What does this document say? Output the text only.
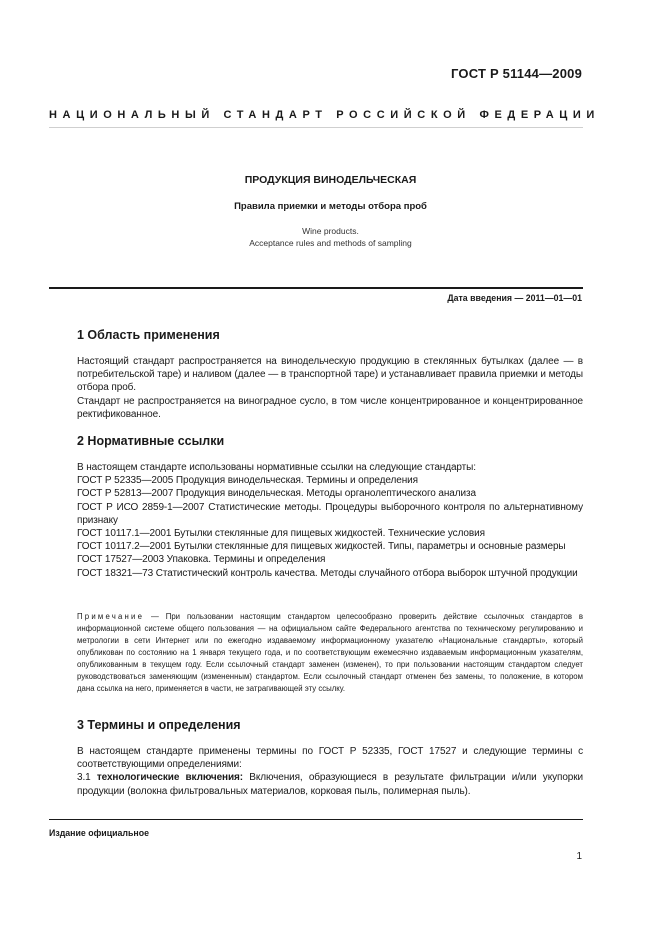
ГОСТ Р 51144—2009
НАЦИОНАЛЬНЫЙ СТАНДАРТ РОССИЙСКОЙ ФЕДЕРАЦИИ
ПРОДУКЦИЯ ВИНОДЕЛЬЧЕСКАЯ
Правила приемки и методы отбора проб
Wine products.
Acceptance rules and methods of sampling
Дата введения — 2011—01—01
1 Область применения
Настоящий стандарт распространяется на винодельческую продукцию в стеклянных бутылках (далее — в потребительской таре) и наливом (далее — в транспортной таре) и устанавливает правила приемки и методы отбора проб.
Стандарт не распространяется на виноградное сусло, в том числе концентрированное и концентрированное ректификованное.
2 Нормативные ссылки
В настоящем стандарте использованы нормативные ссылки на следующие стандарты:
ГОСТ Р 52335—2005 Продукция винодельческая. Термины и определения
ГОСТ Р 52813—2007 Продукция винодельческая. Методы органолептического анализа
ГОСТ Р ИСО 2859-1—2007 Статистические методы. Процедуры выборочного контроля по альтернативному признаку
ГОСТ 10117.1—2001 Бутылки стеклянные для пищевых жидкостей. Технические условия
ГОСТ 10117.2—2001 Бутылки стеклянные для пищевых жидкостей. Типы, параметры и основные размеры
ГОСТ 17527—2003 Упаковка. Термины и определения
ГОСТ 18321—73 Статистический контроль качества. Методы случайного отбора выборок штучной продукции
Примечание — При пользовании настоящим стандартом целесообразно проверить действие ссылочных стандартов в информационной системе общего пользования — на официальном сайте Федерального агентства по техническому регулированию и метрологии в сети Интернет или по ежегодно издаваемому информационному указателю «Национальные стандарты», который опубликован по состоянию на 1 января текущего года, и по соответствующим ежемесячно издаваемым информационным указателям, опубликованным в текущем году. Если ссылочный стандарт заменен (изменен), то при пользовании настоящим стандартом следует руководствоваться заменяющим (измененным) стандартом. Если ссылочный стандарт отменен без замены, то положение, в котором дана ссылка на него, применяется в части, не затрагивающей эту ссылку.
3 Термины и определения
В настоящем стандарте применены термины по ГОСТ Р 52335, ГОСТ 17527 и следующие термины с соответствующими определениями:
3.1 технологические включения: Включения, образующиеся в результате фильтрации и/или укупорки продукции (волокна фильтровальных материалов, корковая пыль, полимерная пыль).
Издание официальное
1
